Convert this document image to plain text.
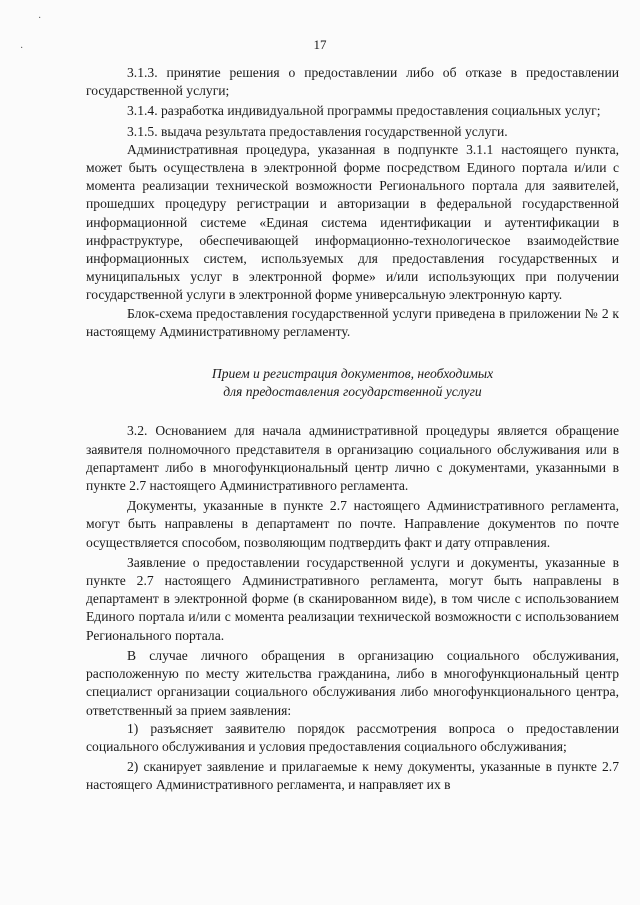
·
·	17

3.1.3. принятие решения о предоставлении либо об отказе в предоставлении государственной услуги;

3.1.4. разработка индивидуальной программы предоставления социальных услуг;

3.1.5. выдача результата предоставления государственной услуги.

Административная процедура, указанная в подпункте 3.1.1 настоящего пункта, может быть осуществлена в электронной форме посредством Единого портала и/или с момента реализации технической возможности Регионального портала для заявителей, прошедших процедуру регистрации и авторизации в федеральной государственной информационной системе «Единая система идентификации и аутентификации в инфраструктуре, обеспечивающей информационно-технологическое взаимодействие информационных систем, используемых для предоставления государственных и муниципальных услуг в электронной форме» и/или использующих при получении государственной услуги в электронной форме универсальную электронную карту.

Блок-схема предоставления государственной услуги приведена в приложении № 2 к настоящему Административному регламенту.

Прием и регистрация документов, необходимых
для предоставления государственной услуги

3.2. Основанием для начала административной процедуры является обращение заявителя полномочного представителя в организацию социального обслуживания или в департамент либо в многофункциональный центр лично с документами, указанными в пункте 2.7 настоящего Административного регламента.

Документы, указанные в пункте 2.7 настоящего Административного регламента, могут быть направлены в департамент по почте. Направление документов по почте осуществляется способом, позволяющим подтвердить факт и дату отправления.

Заявление о предоставлении государственной услуги и документы, указанные в пункте 2.7 настоящего Административного регламента, могут быть направлены в департамент в электронной форме (в сканированном виде), в том числе с использованием Единого портала и/или с момента реализации технической возможности с использованием Регионального портала.

В случае личного обращения в организацию социального обслуживания, расположенную по месту жительства гражданина, либо в многофункциональный центр специалист организации социального обслуживания либо многофункционального центра, ответственный за прием заявления:

1) разъясняет заявителю порядок рассмотрения вопроса о предоставлении социального обслуживания и условия предоставления социального обслуживания;

2) сканирует заявление и прилагаемые к нему документы, указанные в пункте 2.7 настоящего Административного регламента, и направляет их в
